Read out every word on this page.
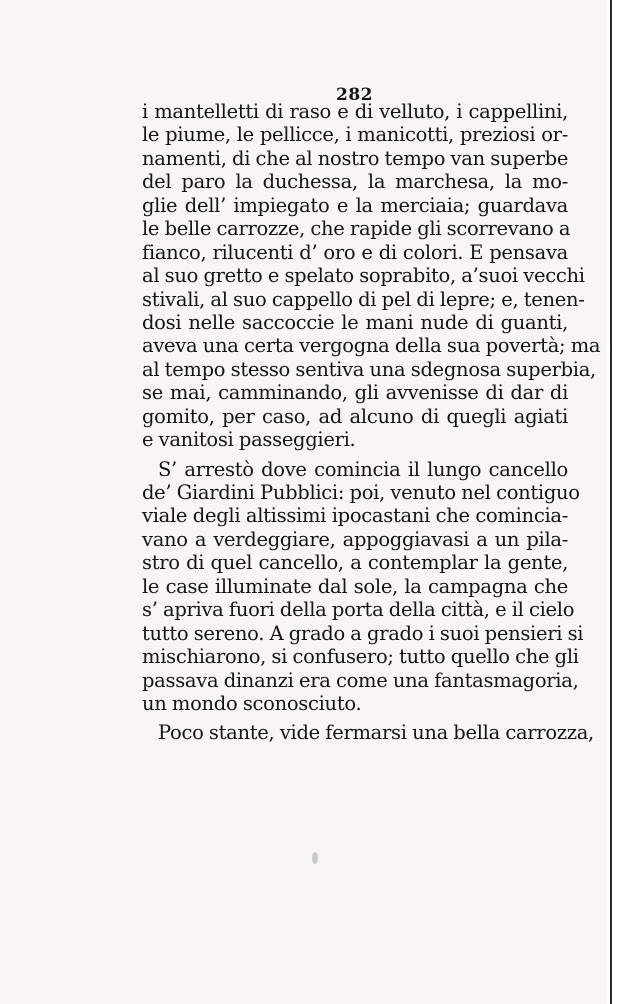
282
i mantelletti di raso e di velluto, i cappellini,
le piume, le pellicce, i manicotti, preziosi or-
namenti, di che al nostro tempo van superbe
del paro la duchessa, la marchesa, la mo-
glie dell’ impiegato e la merciaia; guardava
le belle carrozze, che rapide gli scorrevano a
fianco, rilucenti d’ oro e di colori. E pensava
al suo gretto e spelato soprabito, a’suoi vecchi
stivali, al suo cappello di pel di lepre; e, tenen-
dosi nelle saccoccie le mani nude di guanti,
aveva una certa vergogna della sua povertà; ma
al tempo stesso sentiva una sdegnosa superbia,
se mai, camminando, gli avvenisse di dar di
gomito, per caso, ad alcuno di quegli agiati
e vanitosi passeggieri.
S’ arrestò dove comincia il lungo cancello
de’ Giardini Pubblici: poi, venuto nel contiguo
viale degli altissimi ipocastani che comincia-
vano a verdeggiare, appoggiavasi a un pila-
stro di quel cancello, a contemplar la gente,
le case illuminate dal sole, la campagna che
s’ apriva fuori della porta della città, e il cielo
tutto sereno. A grado a grado i suoi pensieri si
mischiarono, si confusero; tutto quello che gli
passava dinanzi era come una fantasmagoria,
un mondo sconosciuto.
Poco stante, vide fermarsi una bella carrozza,
